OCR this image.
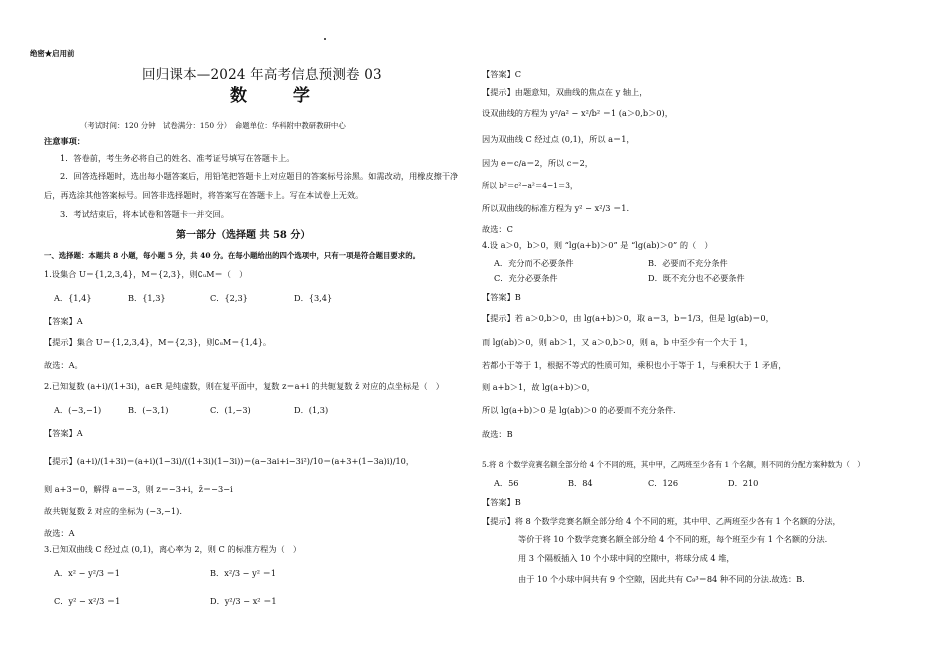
绝密★启用前
回归课本—2024 年高考信息预测卷 03
数 学
（考试时间：120 分钟　试卷满分：150 分）　命题单位：华科附中教研教研中心
注意事项：
1．答卷前，考生务必将自己的姓名、准考证号填写在答题卡上。
2．回答选择题时，选出每小题答案后，用铅笔把答题卡上对应题目的答案标号涂黑。如需改动，用橡皮擦干净
后，再选涂其他答案标号。回答非选择题时，将答案写在答题卡上。写在本试卷上无效。
3．考试结束后，将本试卷和答题卡一并交回。
第一部分（选择题 共 58 分）
一、选择题：本题共 8 小题，每小题 5 分，共 40 分。在每小题给出的四个选项中，只有一项是符合题目要求的。
1.设集合 U＝{1,2,3,4}，M＝{2,3}，则∁ᵤM＝（　）
A．{1,4}	B．{1,3}	C．{2,3}	D．{3,4}
【答案】A
【提示】集合 U＝{1,2,3,4}，M＝{2,3}，则∁ᵤM＝{1,4}。
故选：A。
2.已知复数 (a+i)/(1+3i)，a∈R 是纯虚数，则在复平面中，复数 z＝a+i 的共轭复数 z̄ 对应的点坐标是（　）
A．(−3,−1)	B．(−3,1)	C．(1,−3)	D．(1,3)
【答案】A
【提示】(a+i)/(1+3i)＝(a+i)(1−3i)/((1+3i)(1−3i))＝(a−3ai+i−3i²)/10＝(a+3+(1−3a)i)/10，
则 a+3＝0，解得 a＝−3，则 z＝−3+i，z̄＝−3−i
故共轭复数 z̄ 对应的坐标为 (−3,−1).
故选：A
3.已知双曲线 C 经过点 (0,1)，离心率为 2，则 C 的标准方程为（　）
A．x² − y²/3 ＝1	B．x²/3 − y² ＝1
C．y² − x²/3 ＝1	D．y²/3 − x² ＝1
【答案】C
【提示】由题意知，双曲线的焦点在 y 轴上，
设双曲线的方程为 y²/a² − x²/b² ＝1 (a＞0,b＞0)，
因为双曲线 C 经过点 (0,1)，所以 a＝1，
因为 e＝c/a＝2，所以 c＝2，
所以 b²＝c²−a²＝4−1＝3，
所以双曲线的标准方程为 y² − x²/3 ＝1.
故选：C
4.设 a＞0，b＞0，则 “lg(a+b)＞0” 是 “lg(ab)＞0” 的（　）
A．充分而不必要条件	B．必要而不充分条件
C．充分必要条件	D．既不充分也不必要条件
【答案】B
【提示】若 a＞0,b＞0，由 lg(a+b)＞0，取 a＝3，b＝1/3，但是 lg(ab)＝0，
而 lg(ab)＞0，则 ab＞1，又 a＞0,b＞0，则 a，b 中至少有一个大于 1，
若都小于等于 1，根据不等式的性质可知，乘积也小于等于 1，与乘积大于 1 矛盾，
则 a+b＞1，故 lg(a+b)＞0，
所以 lg(a+b)＞0 是 lg(ab)＞0 的必要而不充分条件.
故选：B
5.将 8 个数学竞赛名额全部分给 4 个不同的班，其中甲，乙两班至少各有 1 个名额，则不同的分配方案种数为（　）
A．56	B．84	C．126	D．210
【答案】B
【提示】将 8 个数学竞赛名额全部分给 4 个不同的班，其中甲、乙两班至少各有 1 个名额的分法，
等价于将 10 个数学竞赛名额全部分给 4 个不同的班，每个班至少有 1 个名额的分法.
用 3 个隔板插入 10 个小球中间的空隙中，将球分成 4 堆，
由于 10 个小球中间共有 9 个空隙，因此共有 C₉³＝84 种不同的分法.故选：B.
